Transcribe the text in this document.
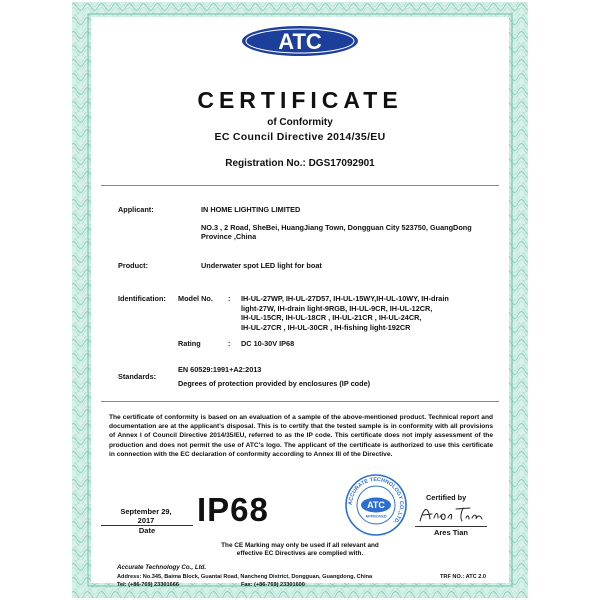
ATC
CERTIFICATE
of Conformity
EC Council Directive 2014/35/EU
Registration No.: DGS17092901
Applicant:	IN HOME LIGHTING LIMITED
NO.3 , 2 Road, SheBei, HuangJiang Town, Dongguan City 523750, GuangDong
Province ,China
Product:	Underwater spot LED light for boat
Identification: Model No. : IH-UL-27WP, IH-UL-27D57, IH-UL-15WY,IH-UL-10WY, IH-drain
light-27W, IH-drain light-9RGB, IH-UL-9CR, IH-UL-12CR,
IH-UL-15CR, IH-UL-18CR , IH-UL-21CR , IH-UL-24CR,
IH-UL-27CR , IH-UL-30CR , IH-fishing light-192CR
Rating	: DC 10-30V IP68
Standards:
EN 60529:1991+A2:2013
Degrees of protection provided by enclosures (IP code)
The certificate of conformity is based on an evaluation of a sample of the above-mentioned product. Technical report and documentation are at the applicant's disposal. This is to certify that the tested sample is in conformity with all provisions of Annex I of Council Directive 2014/35/EU, referred to as the IP code. This certificate does not imply assessment of the production and does not permit the use of ATC's logo. The applicant of the certificate is authorized to use this certificate in connection with the EC declaration of conformity according to Annex III of the Directive.
September 29,
2017
Date
IP68	ACCURATE TECHNOLOGY CO.,LTD.
ATC
APPROVED
Certified by
Ares Tian
The CE Marking may only be used if all relevant and
effective EC Directives are complied with.
Accurate Technology Co., Ltd.
Address: No.345, Baima Block, Guantai Road, Nancheng District, Dongguan, Guangdong, China	TRF NO.: ATC 2.0
Tel: (+86-769) 23301666	Fax: (+86-769) 23301600
